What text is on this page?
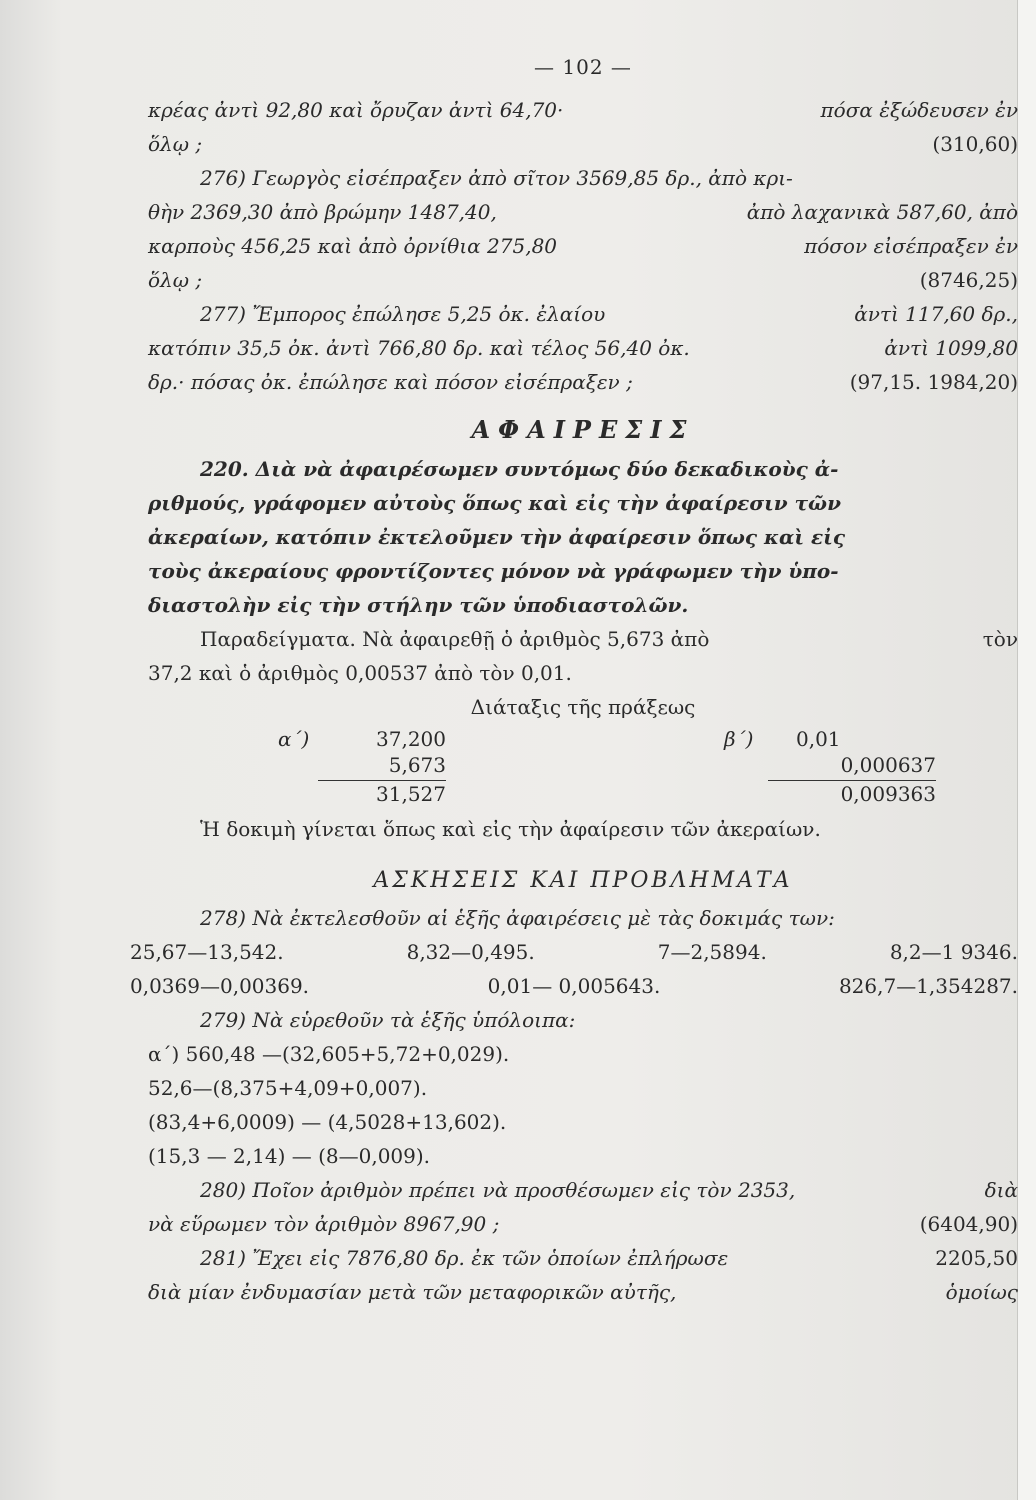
— 102 —
κρέας ἀντὶ 92,80 καὶ ὄρυζαν ἀντὶ 64,70·	πόσα ἐξώδευσεν ἐν
ὅλῳ ;	(310,60)
276) Γεωργὸς εἰσέπραξεν ἀπὸ σῖτον 3569,85 δρ., ἀπὸ κρι-
θὴν 2369,30 ἀπὸ βρώμην 1487,40,	ἀπὸ λαχανικὰ 587,60, ἀπὸ
καρποὺς 456,25 καὶ ἀπὸ ὀρνίθια 275,80	πόσον εἰσέπραξεν ἐν
ὅλῳ ;	(8746,25)
277) Ἔμπορος ἐπώλησε 5,25 ὀκ. ἐλαίου	ἀντὶ 117,60 δρ.,
κατόπιν 35,5 ὀκ. ἀντὶ 766,80 δρ. καὶ τέλος 56,40 ὀκ.	ἀντὶ 1099,80
δρ.· πόσας ὀκ. ἐπώλησε καὶ πόσον εἰσέπραξεν ;	(97,15. 1984,20)
ΑΦΑΙΡΕΣΙΣ
220. Διὰ νὰ ἀφαιρέσωμεν συντόμως δύο δεκαδικοὺς ἀ-
ριθμούς, γράφομεν αὐτοὺς ὅπως καὶ εἰς τὴν ἀφαίρεσιν τῶν
ἀκεραίων, κατόπιν ἐκτελοῦμεν τὴν ἀφαίρεσιν ὅπως καὶ εἰς
τοὺς ἀκεραίους φροντίζοντες μόνον νὰ γράφωμεν τὴν ὑπο-
διαστολὴν εἰς τὴν στήλην τῶν ὑποδιαστολῶν.
Παραδείγματα. Νὰ ἀφαιρεθῇ ὁ ἀριθμὸς 5,673 ἀπὸ	τὸν
37,2 καὶ ὁ ἀριθμὸς 0,00537 ἀπὸ τὸν 0,01.
Διάταξις τῆς πράξεως
α΄)	37,200
5,673
31,527
β΄)	0,01
0,000637
0,009363
Ἡ δοκιμὴ γίνεται ὅπως καὶ εἰς τὴν ἀφαίρεσιν τῶν ἀκεραίων.
ΑΣΚΗΣΕΙΣ ΚΑΙ ΠΡΟΒΛΗΜΑΤΑ
278) Νὰ ἐκτελεσθοῦν αἱ ἑξῆς ἀφαιρέσεις μὲ τὰς δοκιμάς των:
25,67—13,542.	8,32—0,495.	7—2,5894.	8,2—1 9346.
0,0369—0,00369.	0,01— 0,005643.	826,7—1,354287.
279) Νὰ εὑρεθοῦν τὰ ἑξῆς ὑπόλοιπα:
α΄) 560,48 —(32,605+5,72+0,029).
52,6—(8,375+4,09+0,007).
(83,4+6,0009) — (4,5028+13,602).
(15,3 — 2,14) — (8—0,009).
280) Ποῖον ἀριθμὸν πρέπει νὰ προσθέσωμεν εἰς τὸν 2353,	διὰ
νὰ εὕρωμεν τὸν ἀριθμὸν 8967,90 ;	(6404,90)
281) Ἔχει εἰς 7876,80 δρ. ἐκ τῶν ὁποίων ἐπλήρωσε	2205,50
διὰ μίαν ἐνδυμασίαν μετὰ τῶν μεταφορικῶν αὐτῆς,	ὁμοίως
